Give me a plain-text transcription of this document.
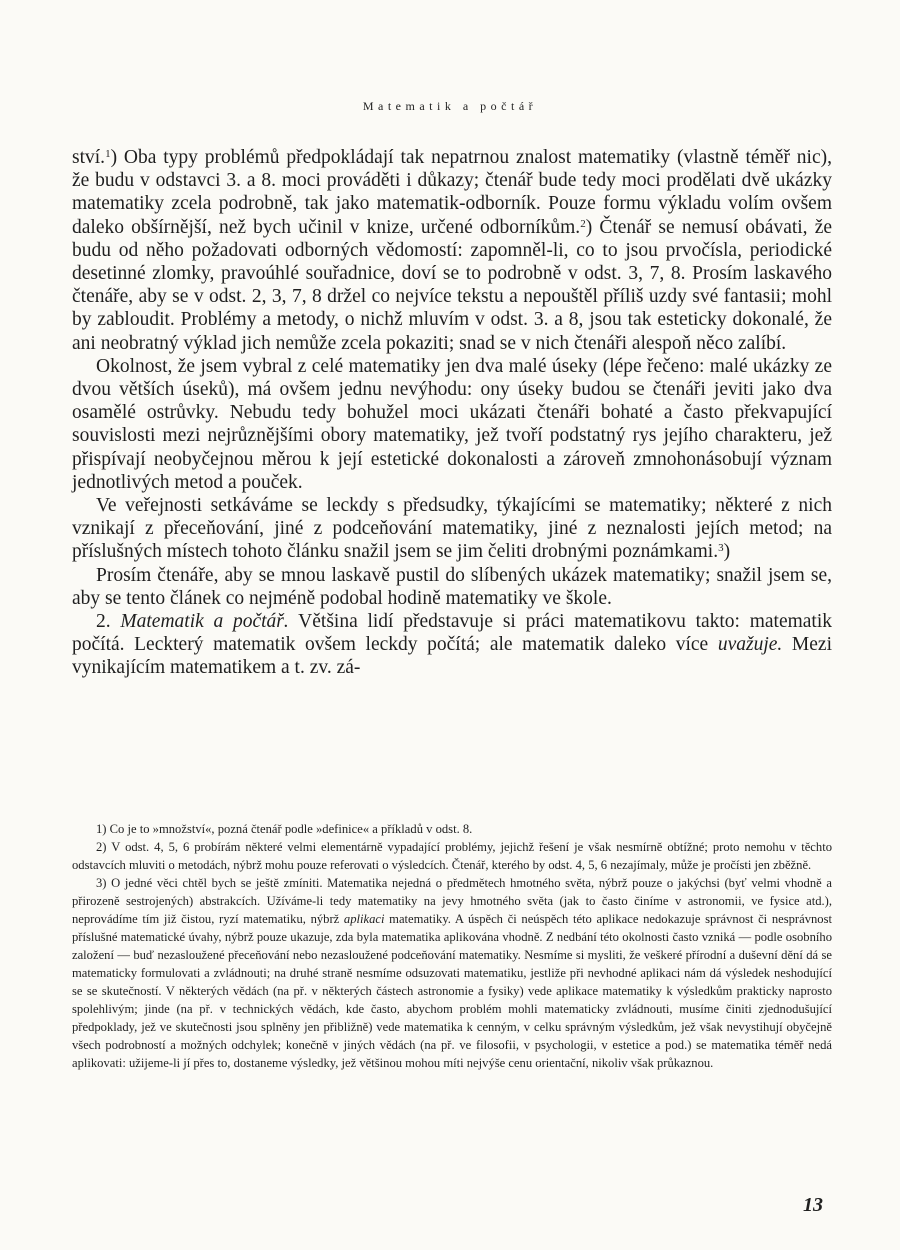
Matematik a počtář

ství.$^1$) Oba typy problémů předpokládají tak nepatrnou znalost matematiky (vlastně téměř nic), že budu v odstavci 3. a 8. moci prováděti i důkazy; čtenář bude tedy moci prodělati dvě ukázky matematiky zcela podrobně, tak jako matematik-odborník. Pouze formu výkladu volím ovšem daleko obšírnější, než bych učinil v knize, určené odborníkům.$^2$) Čtenář se nemusí obávati, že budu od něho požadovati odborných vědomostí: zapomněl-li, co to jsou prvočísla, periodické desetinné zlomky, pravoúhlé souřadnice, doví se to podrobně v odst. 3, 7, 8. Prosím laskavého čtenáře, aby se v odst. 2, 3, 7, 8 držel co nejvíce tekstu a nepouštěl příliš uzdy své fantasii; mohl by zabloudit. Problémy a metody, o nichž mluvím v odst. 3. a 8, jsou tak esteticky dokonalé, že ani neobratný výklad jich nemůže zcela pokaziti; snad se v nich čtenáři alespoň něco zalíbí.

Okolnost, že jsem vybral z celé matematiky jen dva malé úseky (lépe řečeno: malé ukázky ze dvou větších úseků), má ovšem jednu nevýhodu: ony úseky budou se čtenáři jeviti jako dva osamělé ostrůvky. Nebudu tedy bohužel moci ukázati čtenáři bohaté a často překvapující souvislosti mezi nejrůznějšími obory matematiky, jež tvoří podstatný rys jejího charakteru, jež přispívají neobyčejnou měrou k její estetické dokonalosti a zároveň zmnohonásobují význam jednotlivých metod a pouček.

Ve veřejnosti setkáváme se leckdy s předsudky, týkajícími se matematiky; některé z nich vznikají z přeceňování, jiné z podceňování matematiky, jiné z neznalosti jejích metod; na příslušných místech tohoto článku snažil jsem se jim čeliti drobnými poznámkami.$^3$)

Prosím čtenáře, aby se mnou laskavě pustil do slíbených ukázek matematiky; snažil jsem se, aby se tento článek co nejméně podobal hodině matematiky ve škole.

2. Matematik a počtář. Většina lidí představuje si práci matematikovu takto: matematik počítá. Leckterý matematik ovšem leckdy počítá; ale matematik daleko více uvažuje. Mezi vynikajícím matematikem a t. zv. zá-

1) Co je to »množství«, pozná čtenář podle »definice« a příkladů v odst. 8.

2) V odst. 4, 5, 6 probírám některé velmi elementárně vypadající problémy, jejichž řešení je však nesmírně obtížné; proto nemohu v těchto odstavcích mluviti o metodách, nýbrž mohu pouze referovati o výsledcích. Čtenář, kterého by odst. 4, 5, 6 nezajímaly, může je pročísti jen zběžně.

3) O jedné věci chtěl bych se ještě zmíniti. Matematika nejedná o předmětech hmotného světa, nýbrž pouze o jakýchsi (byť velmi vhodně a přirozeně sestrojených) abstrakcích. Užíváme-li tedy matematiky na jevy hmotného světa (jak to často činíme v astronomii, ve fysice atd.), neprovádíme tím již čistou, ryzí matematiku, nýbrž aplikaci matematiky. A úspěch či neúspěch této aplikace nedokazuje správnost či nesprávnost příslušné matematické úvahy, nýbrž pouze ukazuje, zda byla matematika aplikována vhodně. Z nedbání této okolnosti často vzniká — podle osobního založení — buď nezasloužené přeceňování nebo nezasloužené podceňování matematiky. Nesmíme si mysliti, že veškeré přírodní a duševní dění dá se matematicky formulovati a zvládnouti; na druhé straně nesmíme odsuzovati matematiku, jestliže při nevhodné aplikaci nám dá výsledek neshodující se se skutečností. V některých vědách (na př. v některých částech astronomie a fysiky) vede aplikace matematiky k výsledkům prakticky naprosto spolehlivým; jinde (na př. v technických vědách, kde často, abychom problém mohli matematicky zvládnouti, musíme činiti zjednodušující předpoklady, jež ve skutečnosti jsou splněny jen přibližně) vede matematika k cenným, v celku správným výsledkům, jež však nevystihují obyčejně všech podrobností a možných odchylek; konečně v jiných vědách (na př. ve filosofii, v psychologii, v estetice a pod.) se matematika téměř nedá aplikovati: užijeme-li jí přes to, dostaneme výsledky, jež většinou mohou míti nejvýše cenu orientační, nikoliv však průkaznou.

13
